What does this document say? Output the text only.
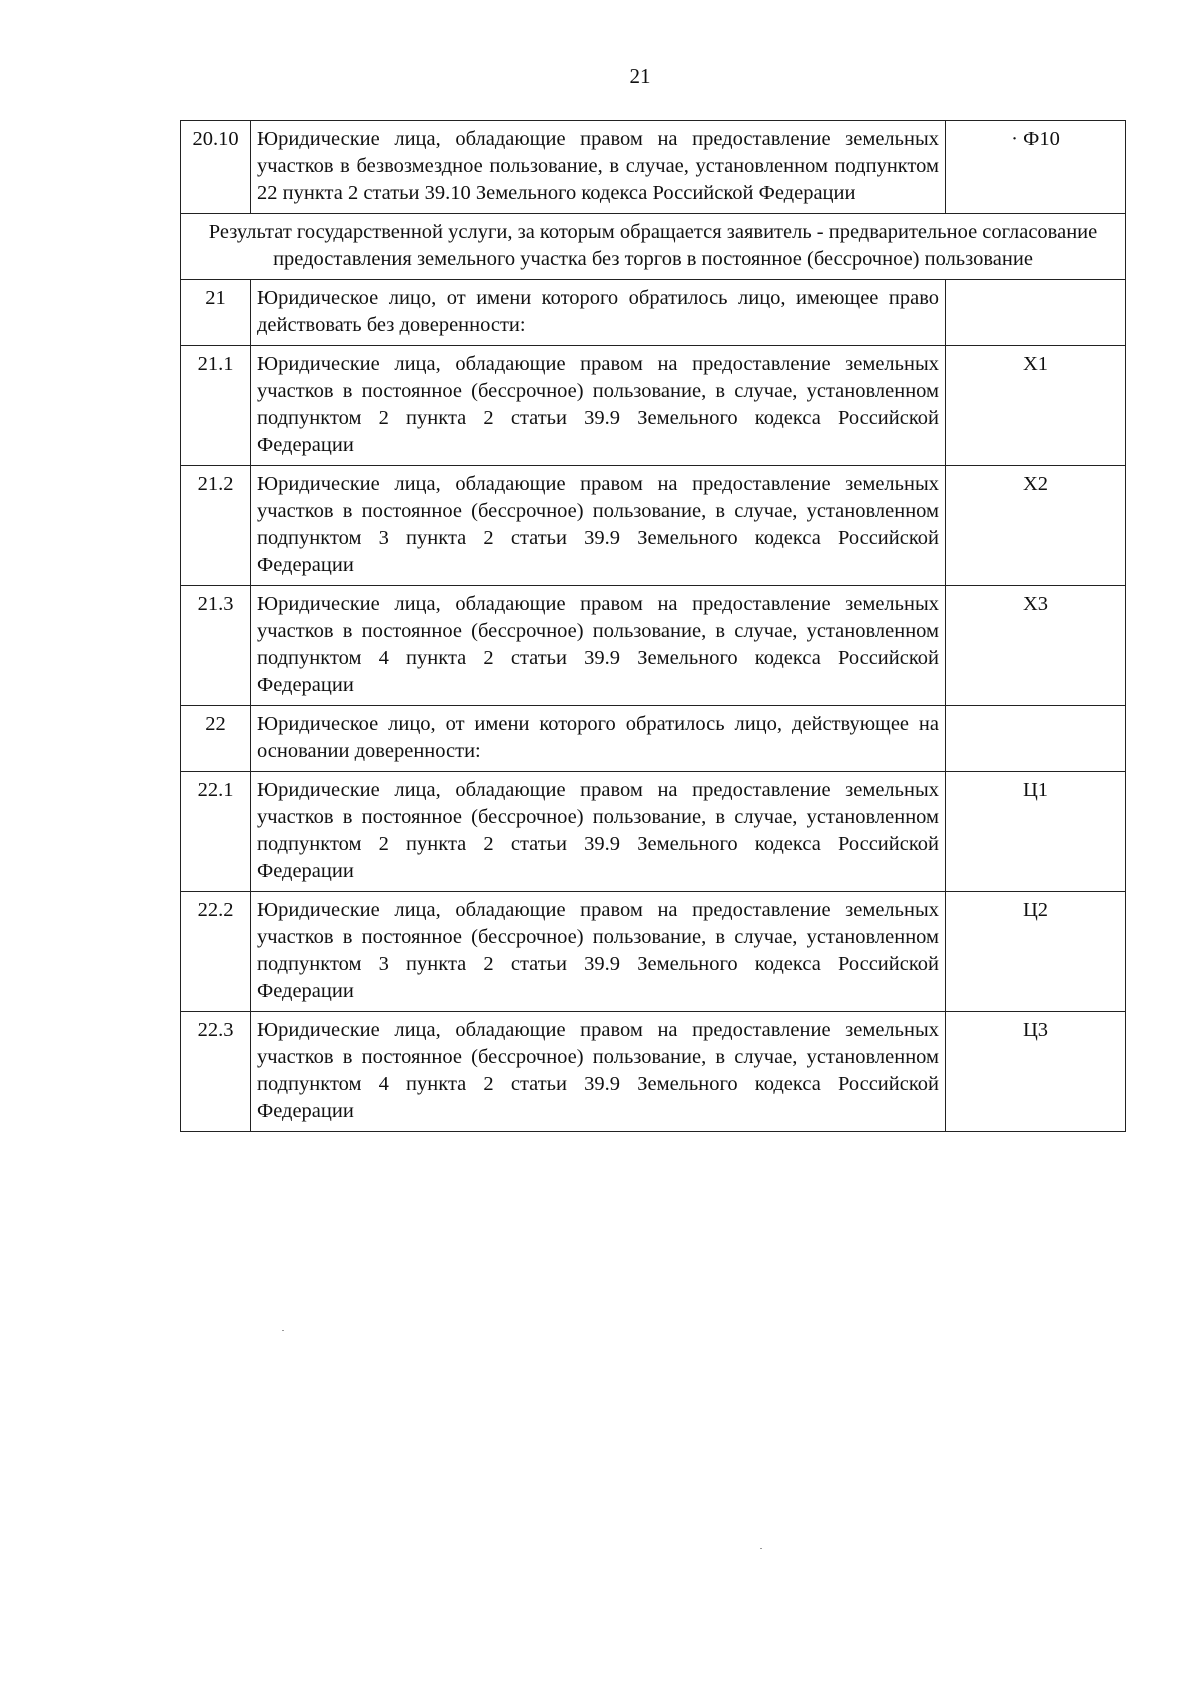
21
20.10	Юридические лица, обладающие правом на предоставление земельных участков в безвозмездное пользование, в случае, установленном подпунктом 22 пункта 2 статьи 39.10 Земельного кодекса Российской Федерации	· Ф10
Результат государственной услуги, за которым обращается заявитель - предварительное согласование предоставления земельного участка без торгов в постоянное (бессрочное) пользование		
21	Юридическое лицо, от имени которого обратилось лицо, имеющее право действовать без доверенности:	
21.1	Юридические лица, обладающие правом на предоставление земельных участков в постоянное (бессрочное) пользование, в случае, установленном подпунктом 2 пункта 2 статьи 39.9 Земельного кодекса Российской Федерации	Х1
21.2	Юридические лица, обладающие правом на предоставление земельных участков в постоянное (бессрочное) пользование, в случае, установленном подпунктом 3 пункта 2 статьи 39.9 Земельного кодекса Российской Федерации	Х2
21.3	Юридические лица, обладающие правом на предоставление земельных участков в постоянное (бессрочное) пользование, в случае, установленном подпунктом 4 пункта 2 статьи 39.9 Земельного кодекса Российской Федерации	Х3
22	Юридическое лицо, от имени которого обратилось лицо, действующее на основании доверенности:	
22.1	Юридические лица, обладающие правом на предоставление земельных участков в постоянное (бессрочное) пользование, в случае, установленном подпунктом 2 пункта 2 статьи 39.9 Земельного кодекса Российской Федерации	Ц1
22.2	Юридические лица, обладающие правом на предоставление земельных участков в постоянное (бессрочное) пользование, в случае, установленном подпунктом 3 пункта 2 статьи 39.9 Земельного кодекса Российской Федерации	Ц2
22.3	Юридические лица, обладающие правом на предоставление земельных участков в постоянное (бессрочное) пользование, в случае, установленном подпунктом 4 пункта 2 статьи 39.9 Земельного кодекса Российской Федерации	Ц3
